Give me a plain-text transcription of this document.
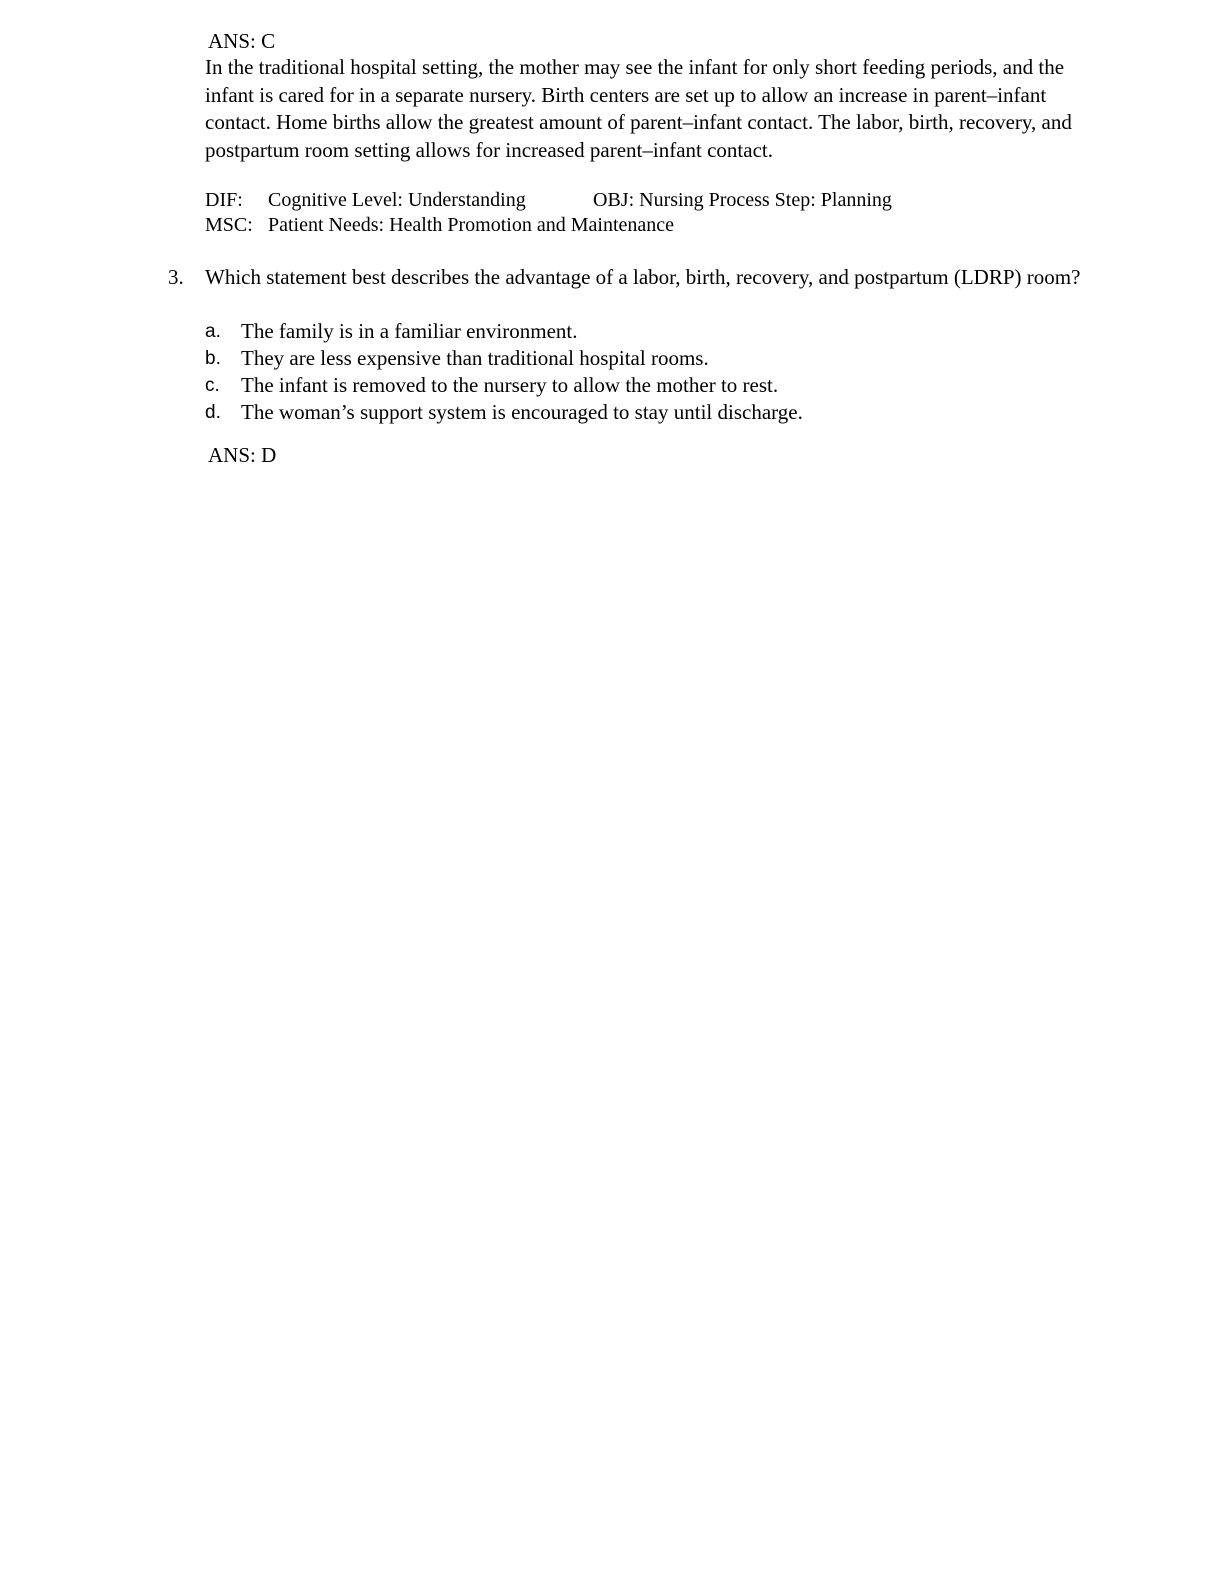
ANS: C
In the traditional hospital setting, the mother may see the infant for only short feeding periods, and the infant is cared for in a separate nursery. Birth centers are set up to allow an increase in parent–infant contact. Home births allow the greatest amount of parent–infant contact. The labor, birth, recovery, and postpartum room setting allows for increased parent–infant contact.
DIF: Cognitive Level: Understanding	OBJ: Nursing Process Step: Planning
MSC: Patient Needs: Health Promotion and Maintenance
3. Which statement best describes the advantage of a labor, birth, recovery, and postpartum (LDRP) room?
a. The family is in a familiar environment.
b. They are less expensive than traditional hospital rooms.
c. The infant is removed to the nursery to allow the mother to rest.
d. The woman’s support system is encouraged to stay until discharge.
ANS: D
